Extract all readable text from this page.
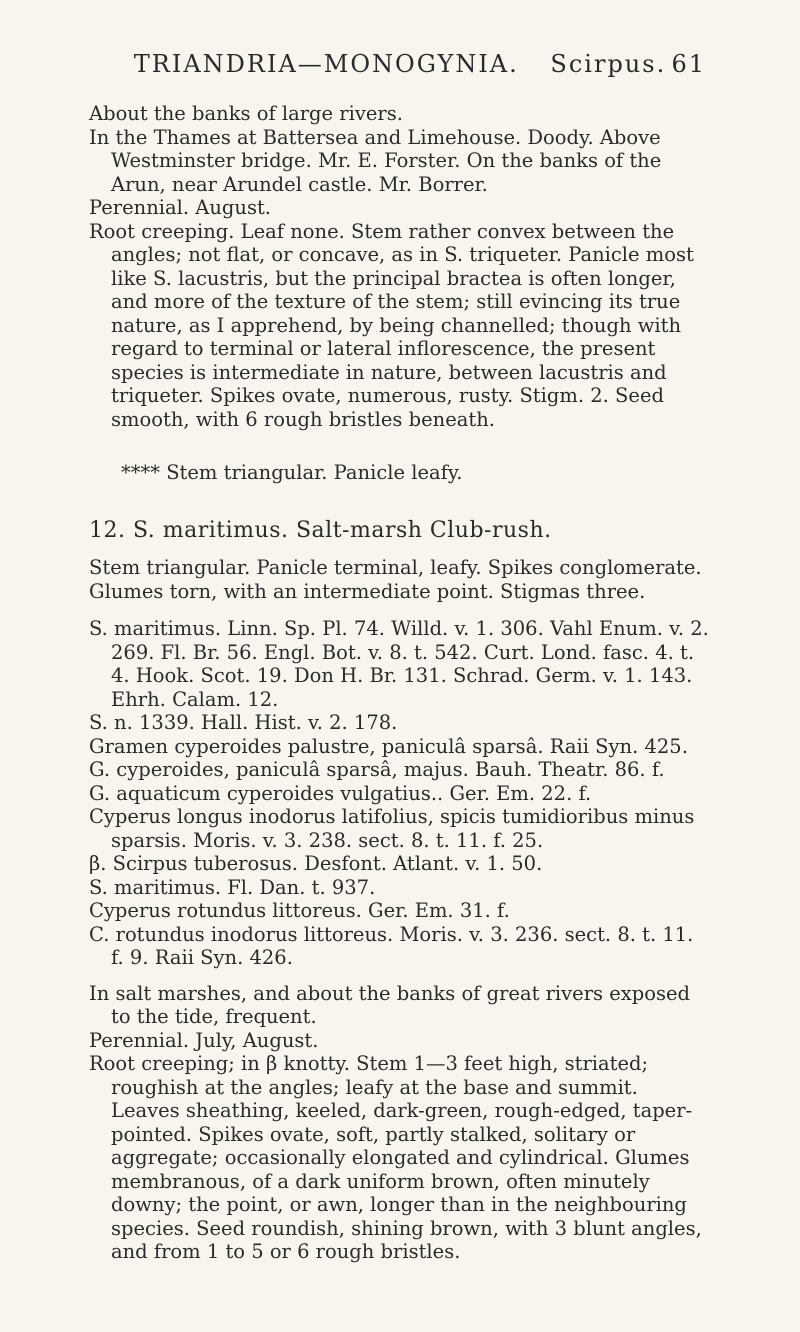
TRIANDRIA—MONOGYNIA. Scirpus. 61

About the banks of large rivers.

In the Thames at Battersea and Limehouse. Doody. Above Westminster bridge. Mr. E. Forster. On the banks of the Arun, near Arundel castle. Mr. Borrer.

Perennial. August.

Root creeping. Leaf none. Stem rather convex between the angles; not flat, or concave, as in S. triqueter. Panicle most like S. lacustris, but the principal bractea is often longer, and more of the texture of the stem; still evincing its true nature, as I apprehend, by being channelled; though with regard to terminal or lateral inflorescence, the present species is intermediate in nature, between lacustris and triqueter. Spikes ovate, numerous, rusty. Stigm. 2. Seed smooth, with 6 rough bristles beneath.

**** Stem triangular. Panicle leafy.

12. S. maritimus. Salt-marsh Club-rush.

Stem triangular. Panicle terminal, leafy. Spikes conglomerate. Glumes torn, with an intermediate point. Stigmas three.

S. maritimus. Linn. Sp. Pl. 74. Willd. v. 1. 306. Vahl Enum. v. 2. 269. Fl. Br. 56. Engl. Bot. v. 8. t. 542. Curt. Lond. fasc. 4. t. 4. Hook. Scot. 19. Don H. Br. 131. Schrad. Germ. v. 1. 143. Ehrh. Calam. 12.

S. n. 1339. Hall. Hist. v. 2. 178.

Gramen cyperoides palustre, paniculâ sparsâ. Raii Syn. 425.

G. cyperoides, paniculâ sparsâ, majus. Bauh. Theatr. 86. f.

G. aquaticum cyperoides vulgatius.. Ger. Em. 22. f.

Cyperus longus inodorus latifolius, spicis tumidioribus minus sparsis. Moris. v. 3. 238. sect. 8. t. 11. f. 25.

β. Scirpus tuberosus. Desfont. Atlant. v. 1. 50.

S. maritimus. Fl. Dan. t. 937.

Cyperus rotundus littoreus. Ger. Em. 31. f.

C. rotundus inodorus littoreus. Moris. v. 3. 236. sect. 8. t. 11. f. 9. Raii Syn. 426.

In salt marshes, and about the banks of great rivers exposed to the tide, frequent.

Perennial. July, August.

Root creeping; in β knotty. Stem 1—3 feet high, striated; roughish at the angles; leafy at the base and summit. Leaves sheathing, keeled, dark-green, rough-edged, taper-pointed. Spikes ovate, soft, partly stalked, solitary or aggregate; occasionally elongated and cylindrical. Glumes membranous, of a dark uniform brown, often minutely downy; the point, or awn, longer than in the neighbouring species. Seed roundish, shining brown, with 3 blunt angles, and from 1 to 5 or 6 rough bristles.
